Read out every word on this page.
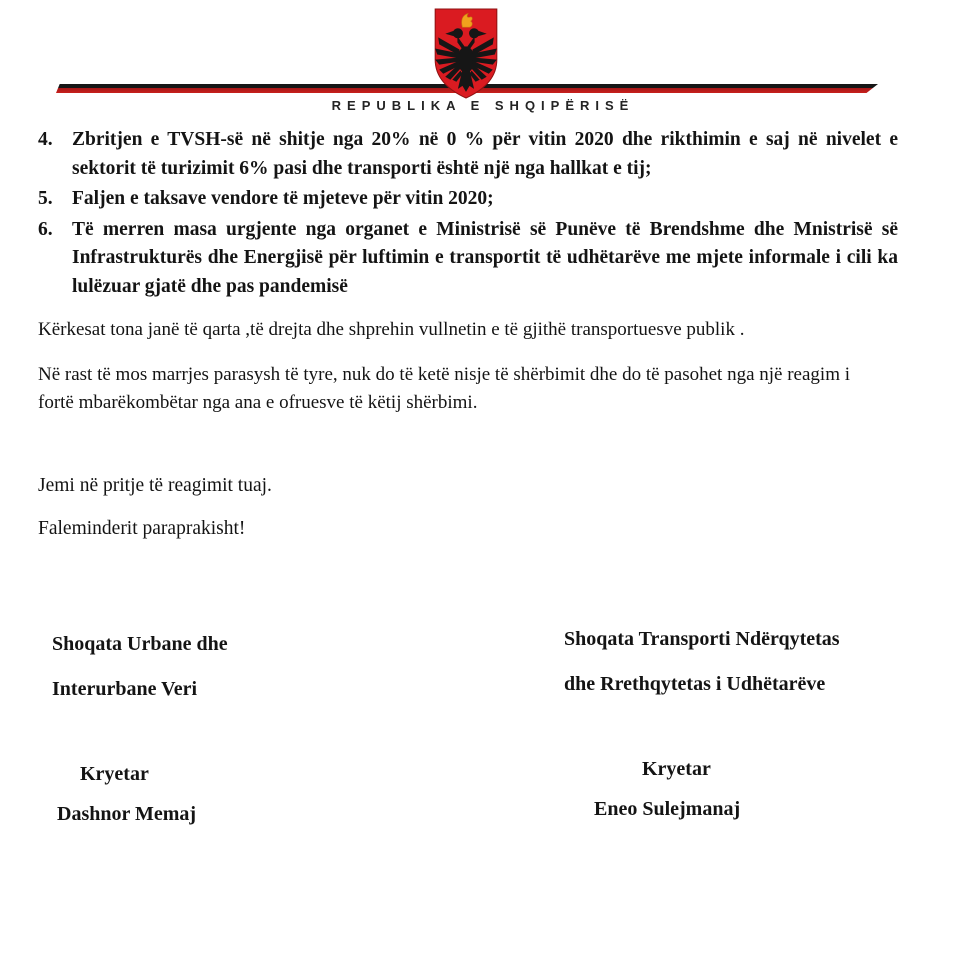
REPUBLIKA E SHQIPËRISË
4. Zbritjen e TVSH-së në shitje nga 20% në 0 % për vitin 2020 dhe rikthimin e saj në nivelet e sektorit të turizimit 6% pasi dhe transporti është një nga hallkat e tij;
5. Faljen e taksave vendore të mjeteve për vitin 2020;
6. Të merren masa urgjente nga organet e Ministrisë së Punëve të Brendshme dhe Mnistrisë së Infrastrukturës dhe Energjisë për luftimin e transportit të udhëtarëve me mjete informale i cili ka lulëzuar gjatë dhe pas pandemisë

Kërkesat tona janë të qarta ,të drejta dhe shprehin vullnetin e të gjithë transportuesve publik .

Në rast të mos marrjes parasysh të tyre, nuk do të ketë nisje të shërbimit dhe do të pasohet nga një reagim i fortë mbarëkombëtar nga ana e ofruesve të këtij shërbimi.

Jemi në pritje të reagimit tuaj.

Faleminderit paraprakisht!

Shoqata Urbane dhe

Interurbane Veri

Kryetar

Dashnor Memaj

Shoqata Transporti Ndërqytetas

dhe Rrethqytetas i Udhëtarëve

Kryetar

Eneo Sulejmanaj
